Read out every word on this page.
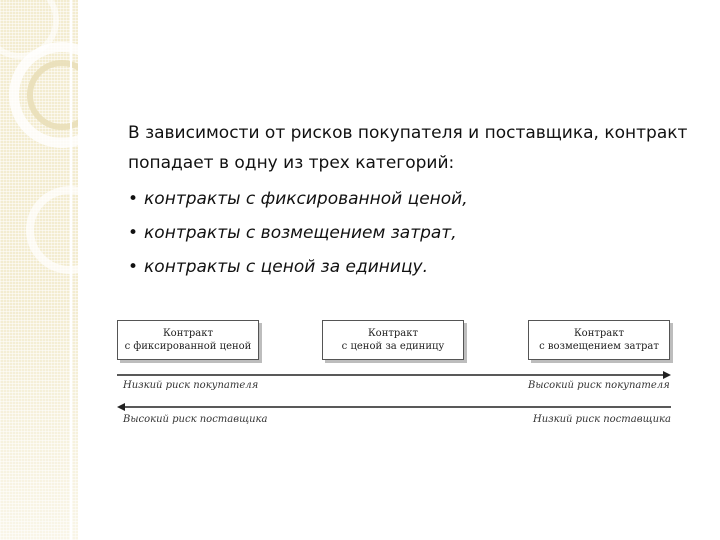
В зависимости от рисков покупателя и поставщика, контракт попадает в одну из трех категорий:

• контракты с фиксированной ценой,
• контракты с возмещением затрат,
• контракты с ценой за единицу.
Контракт
с фиксированной ценой
Контракт
с ценой за единицу
Контракт
с возмещением затрат
Низкий риск покупателя	Высокий риск покупателя
Высокий риск поставщика	Низкий риск поставщика
